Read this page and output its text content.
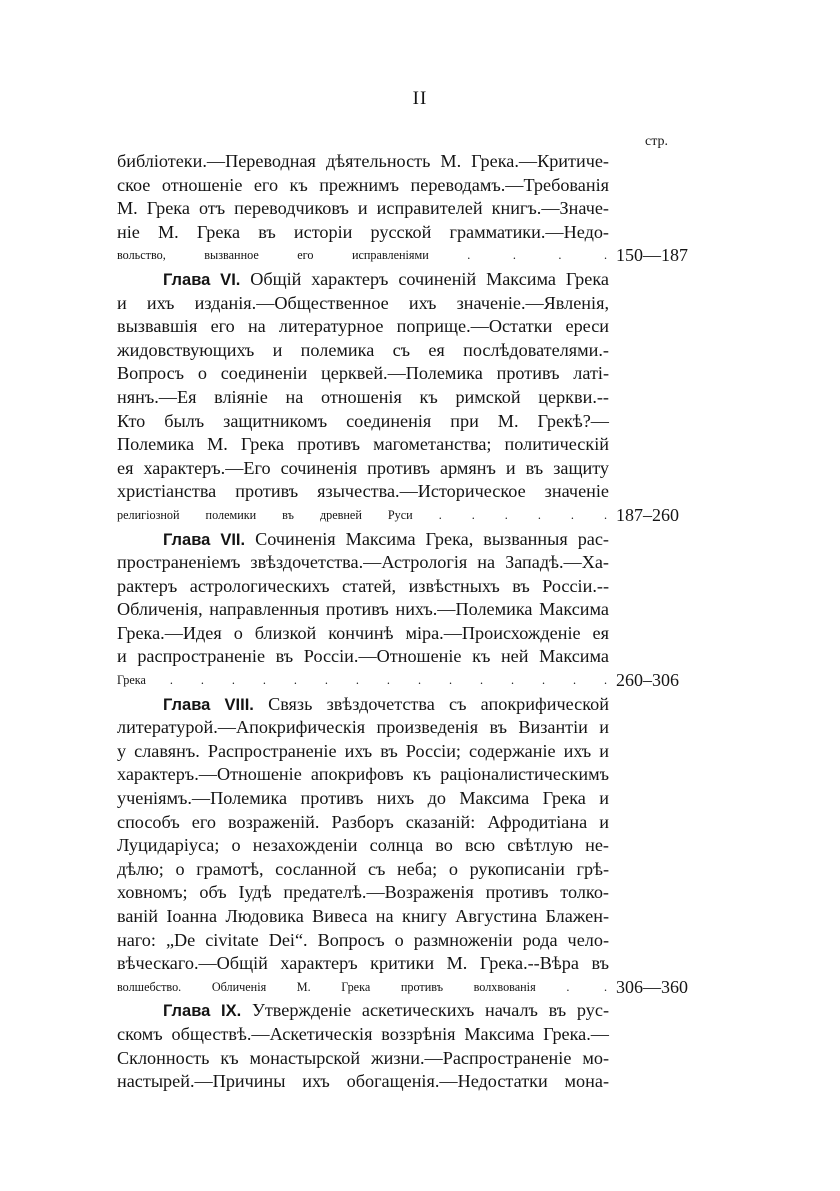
II
стр.
библіотеки.—Переводная дѣятельность М. Грека.—Критиче-
ское отношеніе его къ прежнимъ переводамъ.—Требованія
М. Грека отъ переводчиковъ и исправителей книгъ.—Значе-
ніе М. Грека въ исторіи русской грамматики.—Недо-
вольство, вызванное его исправленіями	. . . . 150—187
Глава VI. Общій характеръ сочиненій Максима Грека
и ихъ изданія.—Общественное ихъ значеніе.—Явленія,
вызвавшія его на литературное поприще.—Остатки ереси
жидовствующихъ и полемика съ ея послѣдователями.-
Вопросъ о соединеніи церквей.—Полемика противъ латі-
нянъ.—Ея вліяніе на отношенія къ римской церкви.--
Кто былъ защитникомъ соединенія при М. Грекѣ?—
Полемика М. Грека противъ магометанства; политическій
ея характеръ.—Его сочиненія противъ армянъ и въ защиту
христіанства противъ язычества.—Историческое значеніе
религіозной полемики въ древней Руси . . . . . . 187–260
Глава VII. Сочиненія Максима Грека, вызванныя рас-
пространеніемъ звѣздочетства.—Астрологія на Западѣ.—Ха-
рактеръ астрологическихъ статей, извѣстныхъ въ Россіи.--
Обличенія, направленныя противъ нихъ.—Полемика Максима
Грека.—Идея о близкой кончинѣ міра.—Происхожденіе ея
и распространеніе въ Россіи.—Отношеніе къ ней Максима
Грека . . . . . . . . . . . . . . . 260–306
Глава VIII. Связь звѣздочетства съ апокрифической
литературой.—Апокрифическія произведенія въ Византіи и
у славянъ. Распространеніе ихъ въ Россіи; содержаніе ихъ и
характеръ.—Отношеніе апокрифовъ къ раціоналистическимъ
ученіямъ.—Полемика противъ нихъ до Максима Грека и
способъ его возраженій. Разборъ сказаній: Афродитіана и
Луцидаріуса; о незахожденіи солнца во всю свѣтлую не-
дѣлю; о грамотѣ, сосланной съ неба; о рукописаніи грѣ-
ховномъ; объ Іудѣ предателѣ.—Возраженія противъ толко-
ваній Іоанна Людовика Вивеса на книгу Августина Блажен-
наго: „De civitate Dei“. Вопросъ о размноженіи рода чело-
вѣческаго.—Общій характеръ критики М. Грека.--Вѣра въ
волшебство. Обличенія М. Грека противъ волхвованія	. . 306—360
Глава IX. Утвержденіе аскетическихъ началъ въ рус-
скомъ обществѣ.—Аскетическія воззрѣнія Максима Грека.—
Склонность къ монастырской жизни.—Распространеніе мо-
настырей.—Причины ихъ обогащенія.—Недостатки мона-
